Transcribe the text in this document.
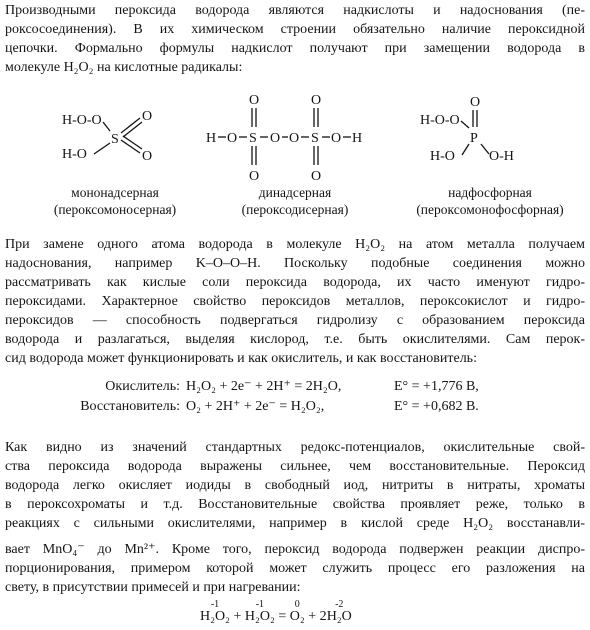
Производными пероксида водорода являются надкислоты и надоснования (пе-
роксосоединения). В их химическом строении обязательно наличие пероксидной
цепочки. Формально формулы надкислот получают при замещении водорода в
молекуле H₂O₂ на кислотные радикалы:
H-O-O
H-O
S
O
O
H O S
O
O
O O S
O
O
O H
H-O-O
P
O
H-O O-H
мононадсерная
(пероксомоносерная)
динадсерная
(пероксодисерная)
надфосфорная
(пероксомонофосфорная)
При замене одного атома водорода в молекуле H₂O₂ на атом металла получаем
надоснования, например K–O–O–H. Поскольку подобные соединения можно
рассматривать как кислые соли пероксида водорода, их часто именуют гидро-
пероксидами. Характерное свойство пероксидов металлов, пероксокислот и гидро-
пероксидов — способность подвергаться гидролизу с образованием пероксида
водорода и разлагаться, выделяя кислород, т.е. быть окислителями. Сам перок-
сид водорода может функционировать и как окислитель, и как восстановитель:
Окислитель: H₂O₂ + 2e⁻ + 2H⁺ = 2H₂O,	E° = +1,776 В,
Восстановитель: O₂ + 2H⁺ + 2e⁻ = H₂O₂,	E° = +0,682 В.
Как видно из значений стандартных редокс-потенциалов, окислительные свой-
ства пероксида водорода выражены сильнее, чем восстановительные. Пероксид
водорода легко окисляет иодиды в свободный иод, нитриты в нитраты, хроматы
в пероксохроматы и т.д. Восстановительные свойства проявляет реже, только в
реакциях с сильными окислителями, например в кислой среде H₂O₂ восстанавли-
вает MnO₄⁻ до Mn²⁺. Кроме того, пероксид водорода подвержен реакции диспро-
порционирования, примером которой может служить процесс его разложения на
свету, в присутствии примесей и при нагревании:
H₂O₂
-1
+ H₂O₂
-1
= O₂
0
+ 2H₂O
-2
